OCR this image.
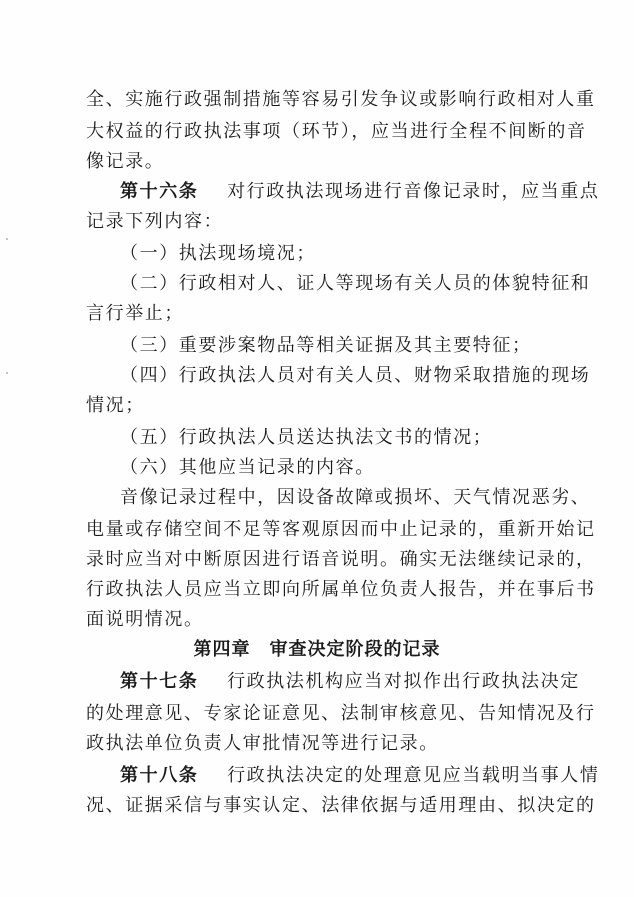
全、实施行政强制措施等容易引发争议或影响行政相对人重
大权益的行政执法事项（环节），应当进行全程不间断的音
像记录。
第十六条 对行政执法现场进行音像记录时，应当重点
记录下列内容：
（一）执法现场境况；
（二）行政相对人、证人等现场有关人员的体貌特征和
言行举止；
（三）重要涉案物品等相关证据及其主要特征；
（四）行政执法人员对有关人员、财物采取措施的现场
情况；
（五）行政执法人员送达执法文书的情况；
（六）其他应当记录的内容。
音像记录过程中，因设备故障或损坏、天气情况恶劣、
电量或存储空间不足等客观原因而中止记录的，重新开始记
录时应当对中断原因进行语音说明。确实无法继续记录的，
行政执法人员应当立即向所属单位负责人报告，并在事后书
面说明情况。
第四章　审查决定阶段的记录
第十七条 行政执法机构应当对拟作出行政执法决定
的处理意见、专家论证意见、法制审核意见、告知情况及行
政执法单位负责人审批情况等进行记录。
第十八条 行政执法决定的处理意见应当载明当事人情
况、证据采信与事实认定、法律依据与适用理由、拟决定的
